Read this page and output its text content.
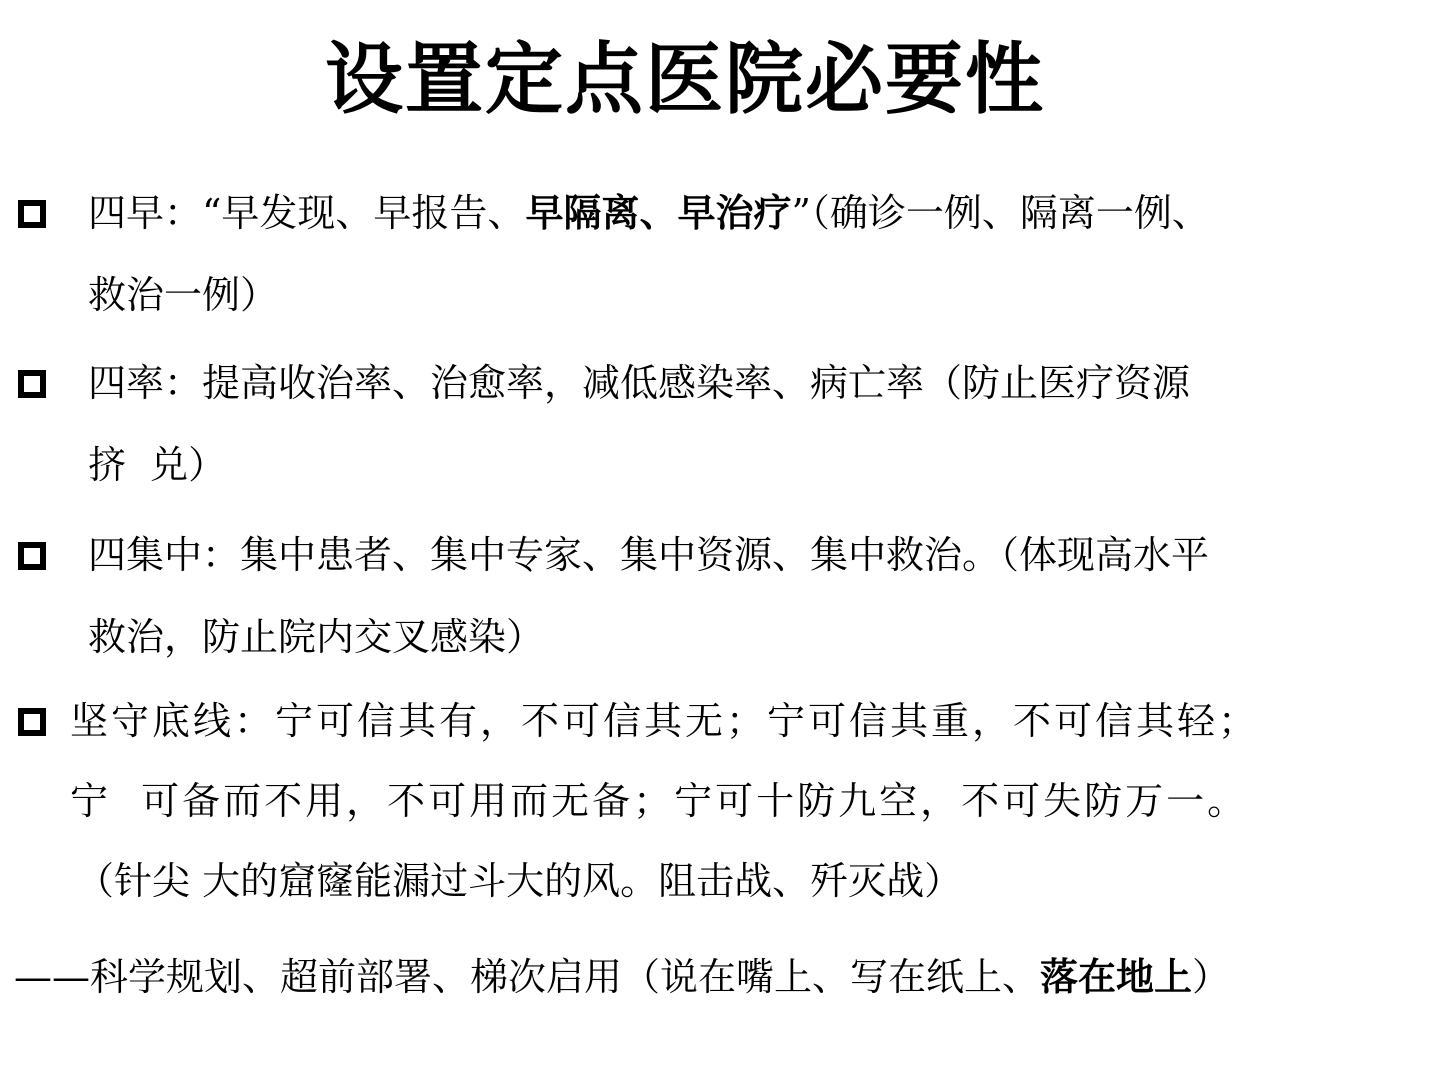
设置定点医院必要性
四早：“早发现、早报告、早隔离、早治疗”（确诊一例、隔离一例、
救治一例）
四率：提高收治率、治愈率，减低感染率、病亡率（防止医疗资源
挤  兑）
四集中：集中患者、集中专家、集中资源、集中救治。（体现高水平
救治，防止院内交叉感染）
坚守底线：宁可信其有，不可信其无；宁可信其重，不可信其轻；
宁  可备而不用，不可用而无备；宁可十防九空，不可失防万一。
（针尖 大的窟窿能漏过斗大的风。阻击战、歼灭战）
——科学规划、超前部署、梯次启用（说在嘴上、写在纸上、落在地上）
